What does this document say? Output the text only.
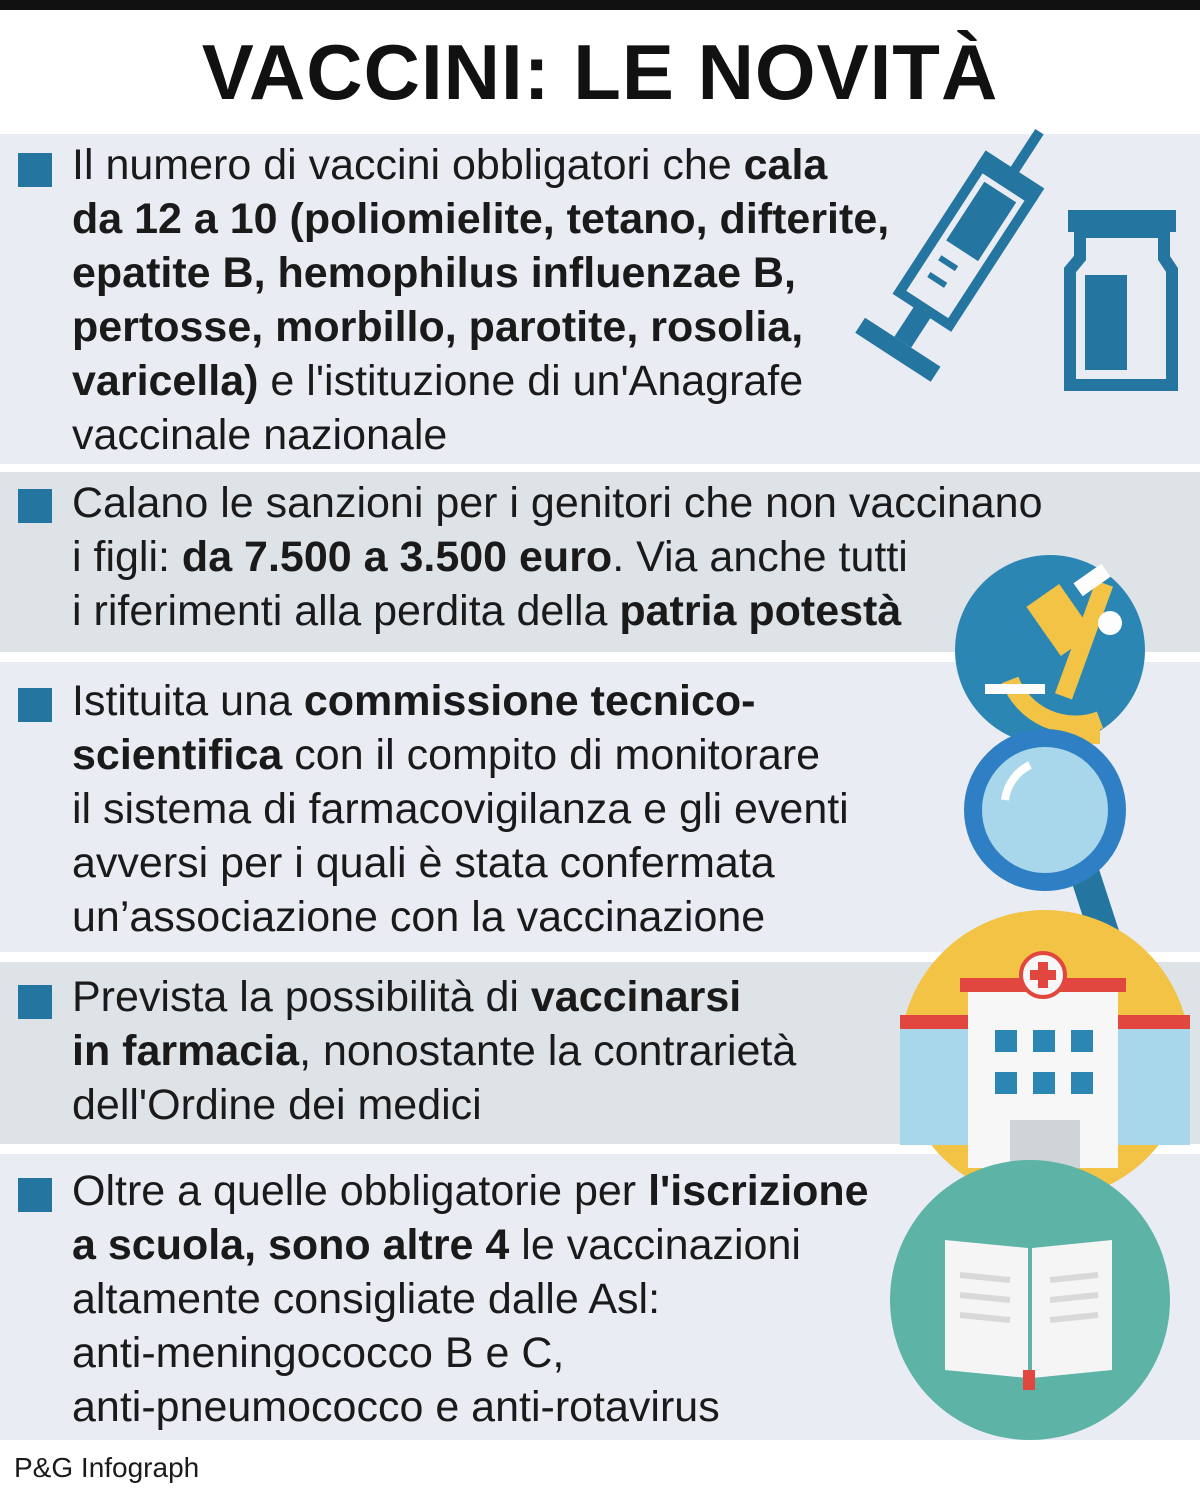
VACCINI: LE NOVITÀ
Il numero di vaccini obbligatori che cala
da 12 a 10 (poliomielite, tetano, difterite,
epatite B, hemophilus influenzae B,
pertosse, morbillo, parotite, rosolia,
varicella) e l'istituzione di un'Anagrafe
vaccinale nazionale
Calano le sanzioni per i genitori che non vaccinano
i figli: da 7.500 a 3.500 euro. Via anche tutti
i riferimenti alla perdita della patria potestà
Istituita una commissione tecnico-
scientifica con il compito di monitorare
il sistema di farmacovigilanza e gli eventi
avversi per i quali è stata confermata
un’associazione con la vaccinazione
Prevista la possibilità di vaccinarsi
in farmacia, nonostante la contrarietà
dell'Ordine dei medici
Oltre a quelle obbligatorie per l'iscrizione
a scuola, sono altre 4 le vaccinazioni
altamente consigliate dalle Asl:
anti-meningococco B e C,
anti-pneumococco e anti-rotavirus
P&G Infograph
